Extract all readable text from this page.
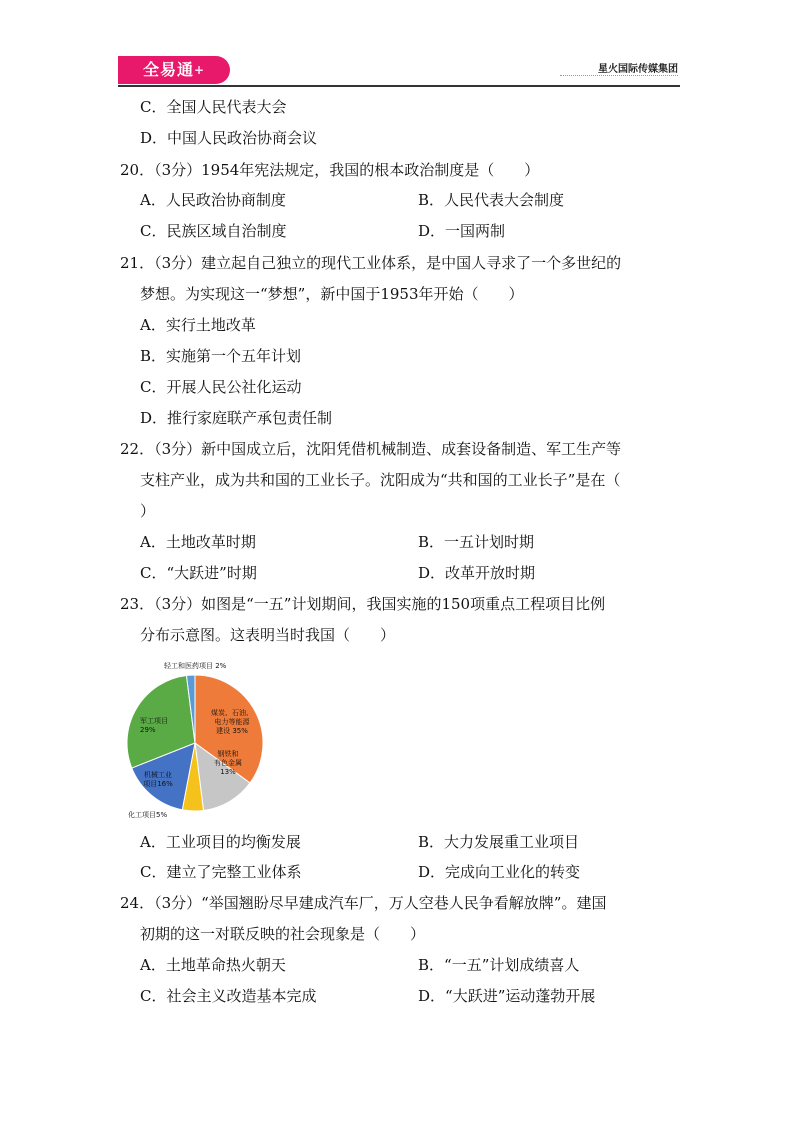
全易通+	星火国际传媒集团
C．全国人民代表大会
D．中国人民政治协商会议
20．（3分）1954年宪法规定，我国的根本政治制度是（　　）
A．人民政治协商制度	B．人民代表大会制度
C．民族区域自治制度	D．一国两制
21．（3分）建立起自己独立的现代工业体系，是中国人寻求了一个多世纪的
梦想。为实现这一“梦想”，新中国于1953年开始（　　）
A．实行土地改革
B．实施第一个五年计划
C．开展人民公社化运动
D．推行家庭联产承包责任制
22．（3分）新中国成立后，沈阳凭借机械制造、成套设备制造、军工生产等
支柱产业，成为共和国的工业长子。沈阳成为“共和国的工业长子”是在（
）
A．土地改革时期	B．一五计划时期
C．“大跃进”时期	D．改革开放时期
23．（3分）如图是“一五”计划期间，我国实施的150项重点工程项目比例
分布示意图。这表明当时我国（　　）
煤炭、石油、电力等能源建设 35%
钢铁和有色金属 13%
化工项目5%
机械工业项目16%
军工项目 29%
轻工和医药项目 2%
A．工业项目的均衡发展	B．大力发展重工业项目
C．建立了完整工业体系	D．完成向工业化的转变
24．（3分）“举国翘盼尽早建成汽车厂，万人空巷人民争看解放牌”。建国
初期的这一对联反映的社会现象是（　　）
A．土地革命热火朝天	B．“一五”计划成绩喜人
C．社会主义改造基本完成	D．“大跃进”运动蓬勃开展
